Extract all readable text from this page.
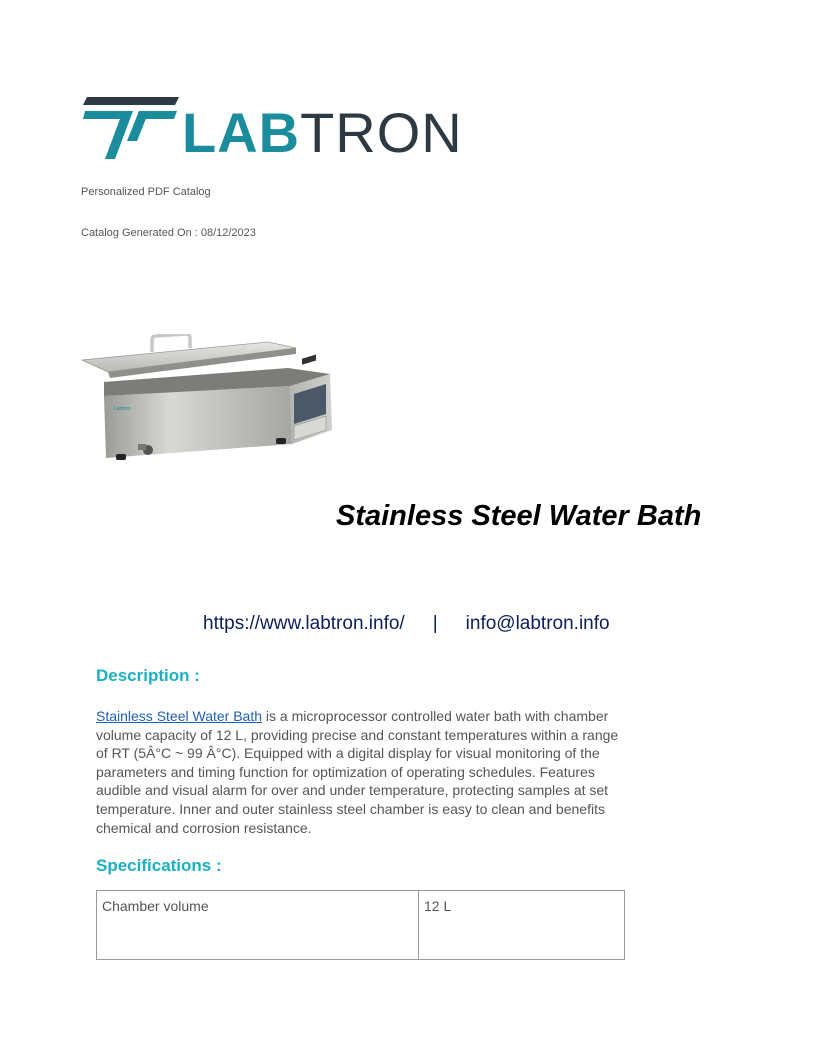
LABTRON
Personalized PDF Catalog
Catalog Generated On : 08/12/2023
Labtron
Stainless Steel Water Bath
https://www.labtron.info/ | info@labtron.info
Description :
Stainless Steel Water Bath is a microprocessor controlled water bath with chamber volume capacity of 12 L, providing precise and constant temperatures within a range of RT (5Â°C ~ 99 Â°C). Equipped with a digital display for visual monitoring of the parameters and timing function for optimization of operating schedules. Features audible and visual alarm for over and under temperature, protecting samples at set temperature. Inner and outer stainless steel chamber is easy to clean and benefits chemical and corrosion resistance.
Specifications :
Chamber volume	12 L
